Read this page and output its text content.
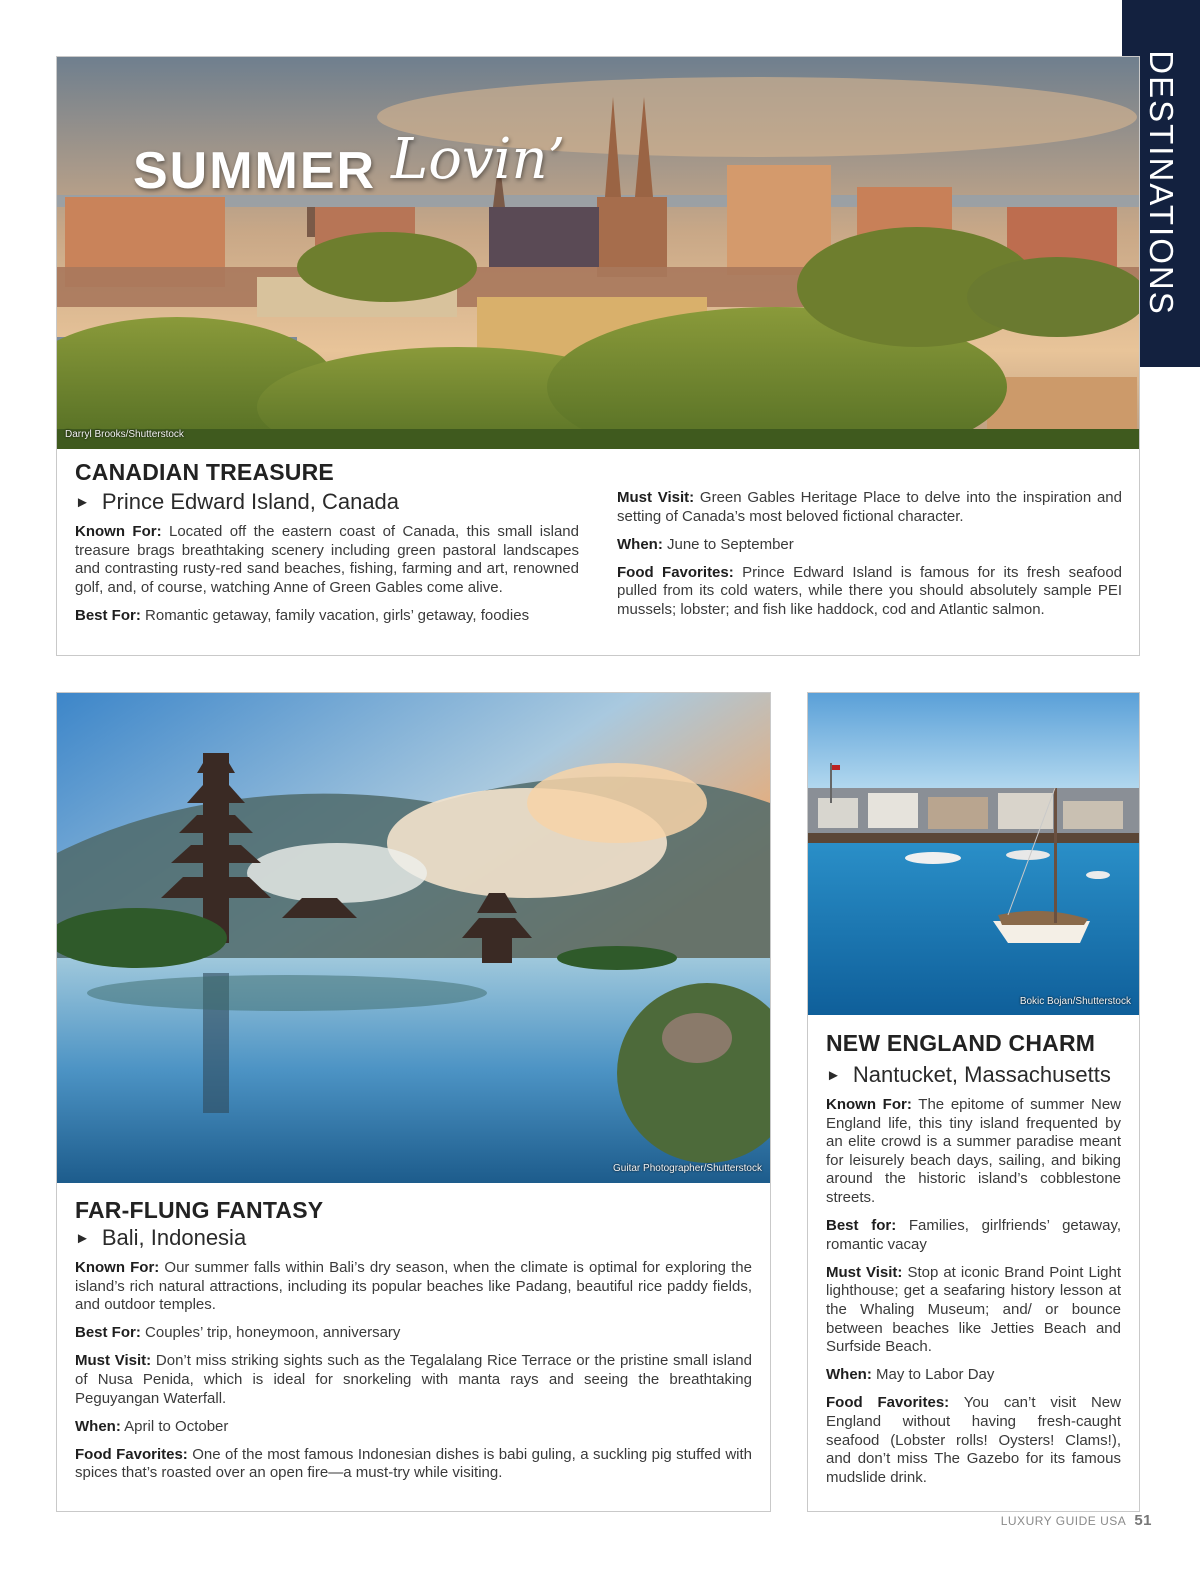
DESTINATIONS
SUMMER Lovin’
Darryl Brooks/Shutterstock
CANADIAN TREASURE
► Prince Edward Island, Canada

Known For: Located off the eastern coast of Canada, this small island treasure brags breathtaking scenery including green pastoral landscapes and contrasting rusty-red sand beaches, fishing, farming and art, renowned golf, and, of course, watching Anne of Green Gables come alive.

Best For: Romantic getaway, family vacation, girls’ getaway, foodies

Must Visit: Green Gables Heritage Place to delve into the inspiration and setting of Canada’s most beloved fictional character.

When: June to September

Food Favorites: Prince Edward Island is famous for its fresh seafood pulled from its cold waters, while there you should absolutely sample PEI mussels; lobster; and fish like haddock, cod and Atlantic salmon.

Guitar Photographer/Shutterstock
FAR-FLUNG FANTASY
► Bali, Indonesia

Known For: Our summer falls within Bali’s dry season, when the climate is optimal for exploring the island’s rich natural attractions, including its popular beaches like Padang, beautiful rice paddy fields, and outdoor temples.

Best For: Couples’ trip, honeymoon, anniversary

Must Visit: Don’t miss striking sights such as the Tegalalang Rice Terrace or the pristine small island of Nusa Penida, which is ideal for snorkeling with manta rays and seeing the breathtaking Peguyangan Waterfall.

When: April to October

Food Favorites: One of the most famous Indonesian dishes is babi guling, a suckling pig stuffed with spices that’s roasted over an open fire—a must-try while visiting.

Bokic Bojan/Shutterstock
NEW ENGLAND CHARM
► Nantucket, Massachusetts

Known For: The epitome of summer New England life, this tiny island frequented by an elite crowd is a summer paradise meant for leisurely beach days, sailing, and biking around the historic island’s cobblestone streets.

Best for: Families, girlfriends’ getaway, romantic vacay

Must Visit: Stop at iconic Brand Point Light lighthouse; get a seafaring history lesson at the Whaling Museum; and/ or bounce between beaches like Jetties Beach and Surfside Beach.

When: May to Labor Day

Food Favorites: You can’t visit New England without having fresh-caught seafood (Lobster rolls! Oysters! Clams!), and don’t miss The Gazebo for its famous mudslide drink.

LUXURY GUIDE USA 51
